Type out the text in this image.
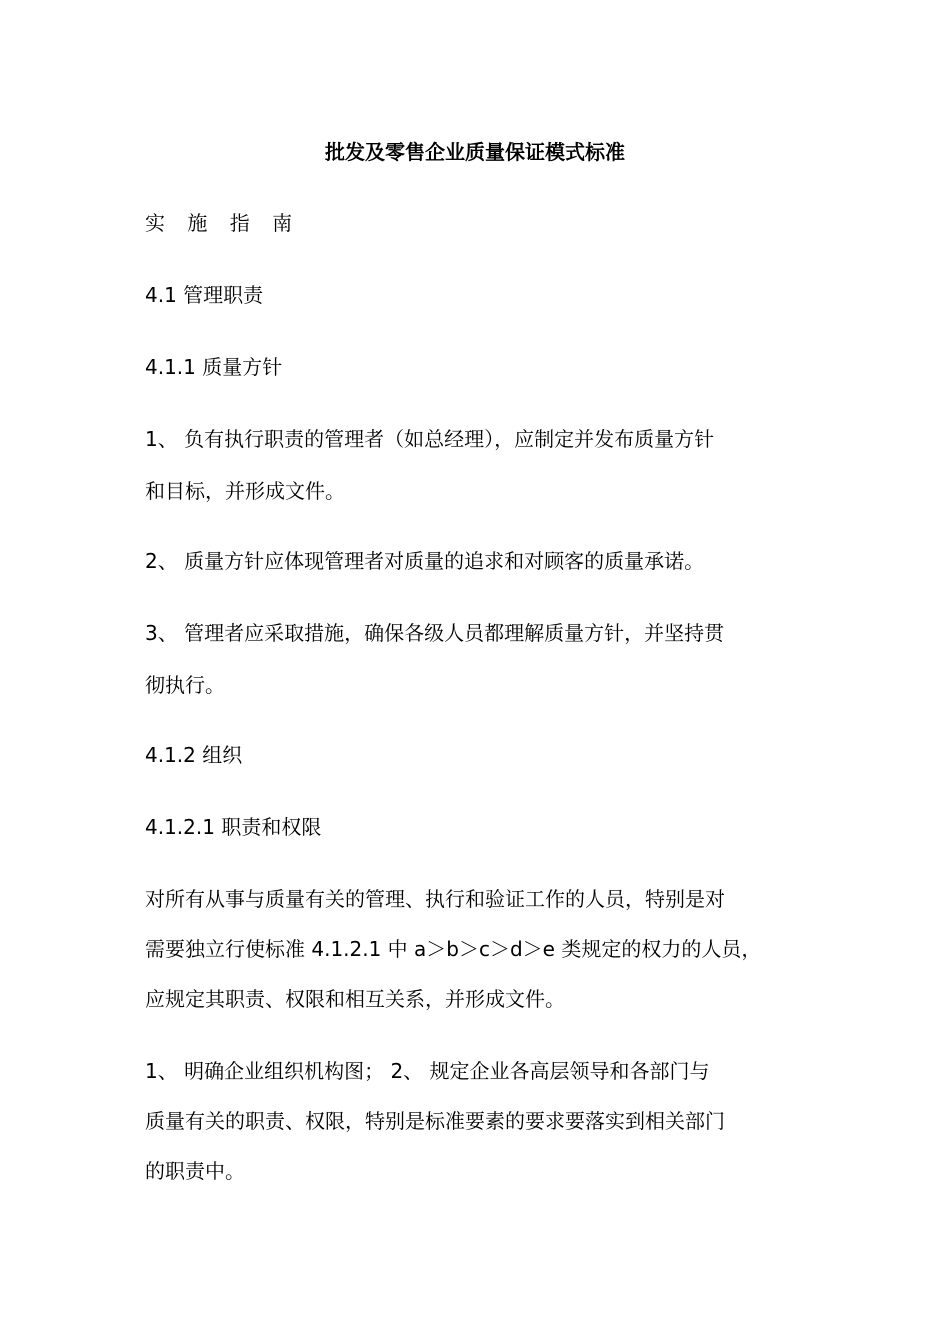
批发及零售企业质量保证模式标准

实 施 指 南

4.1 管理职责

4.1.1 质量方针

1、 负有执行职责的管理者（如总经理），应制定并发布质量方针

和目标，并形成文件。

2、 质量方针应体现管理者对质量的追求和对顾客的质量承诺。

3、 管理者应采取措施，确保各级人员都理解质量方针，并坚持贯

彻执行。

4.1.2 组织

4.1.2.1 职责和权限

对所有从事与质量有关的管理、执行和验证工作的人员，特别是对

需要独立行使标准 4.1.2.1 中 a＞b＞c＞d＞e 类规定的权力的人员，

应规定其职责、权限和相互关系，并形成文件。

1、 明确企业组织机构图； 2、 规定企业各高层领导和各部门与

质量有关的职责、权限，特别是标准要素的要求要落实到相关部门

的职责中。
